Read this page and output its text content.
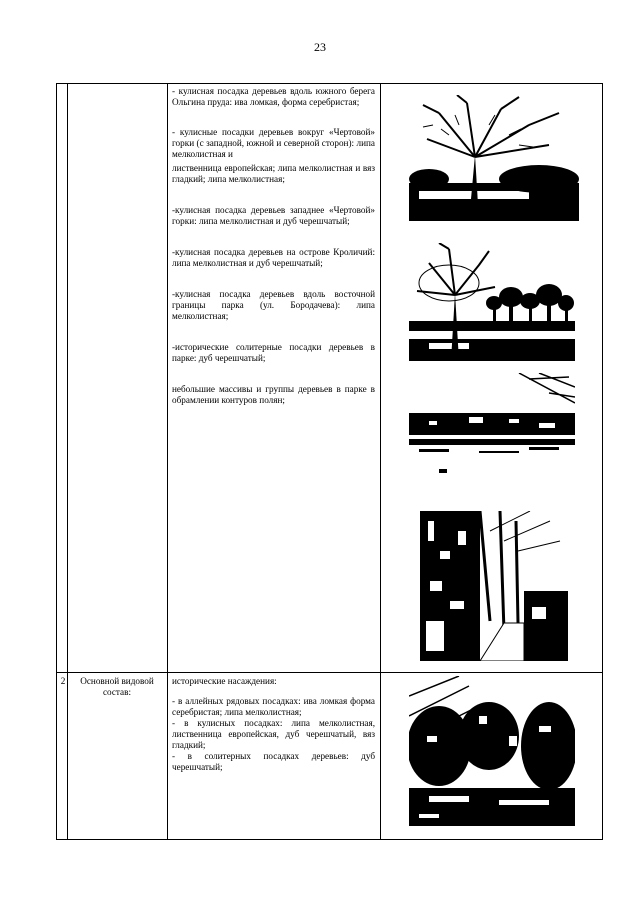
23

- кулисная посадка деревьев вдоль южного берега Ольгина пруда: ива ломкая, форма серебристая;

- кулисные посадки деревьев вокруг «Чертовой» горки (с западной, южной и северной сторон): липа мелколистная и

лиственница европейская; липа мелколистная и вяз гладкий; липа мелколистная;

-кулисная посадка деревьев западнее «Чертовой» горки: липа мелколистная и дуб черешчатый;

-кулисная посадка деревьев на острове Кроличий: липа мелколистная и дуб черешчатый;

-кулисная посадка деревьев вдоль восточной границы парка (ул. Бородачева): липа мелколистная;

-исторические солитерные посадки деревьев в парке: дуб черешчатый;

небольшие массивы и группы деревьев в парке в обрамлении контуров полян;

2	Основной видовой состав:

исторические насаждения:

- в аллейных рядовых посадках: ива ломкая форма серебристая; липа мелколистная;

- в кулисных посадках: липа мелколистная, лиственница европейская, дуб черешчатый, вяз гладкий;

- в солитерных посадках деревьев: дуб черешчатый;
